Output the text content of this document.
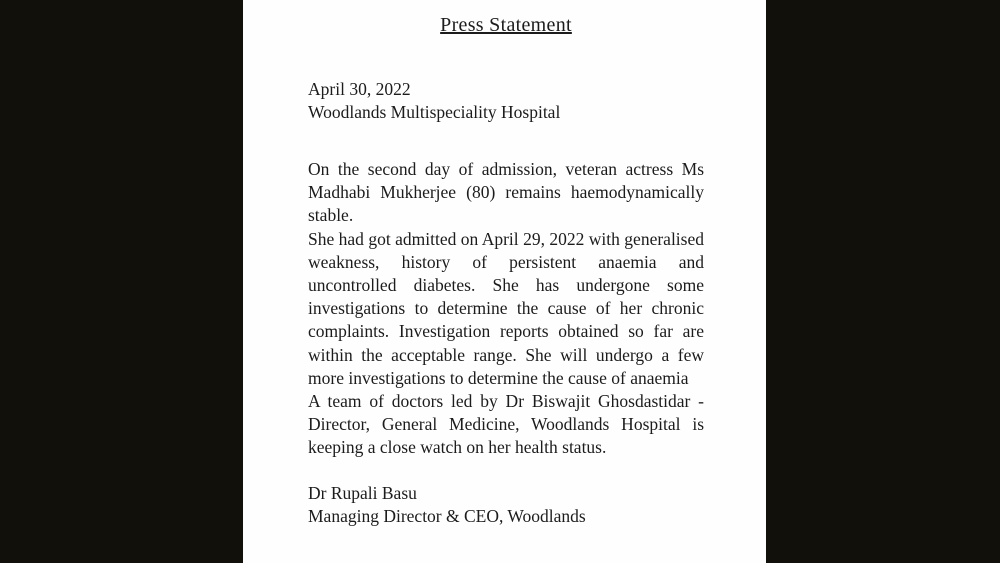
Press Statement
April 30, 2022
Woodlands Multispeciality Hospital

On the second day of admission, veteran actress Ms Madhabi Mukherjee (80) remains haemodynamically stable.

She had got admitted on April 29, 2022 with generalised weakness, history of persistent anaemia and uncontrolled diabetes. She has undergone some investigations to determine the cause of her chronic complaints. Investigation reports obtained so far are within the acceptable range. She will undergo a few more investigations to determine the cause of anaemia

A team of doctors led by Dr Biswajit Ghosdastidar - Director, General Medicine, Woodlands Hospital is keeping a close watch on her health status.

Dr Rupali Basu
Managing Director & CEO, Woodlands
